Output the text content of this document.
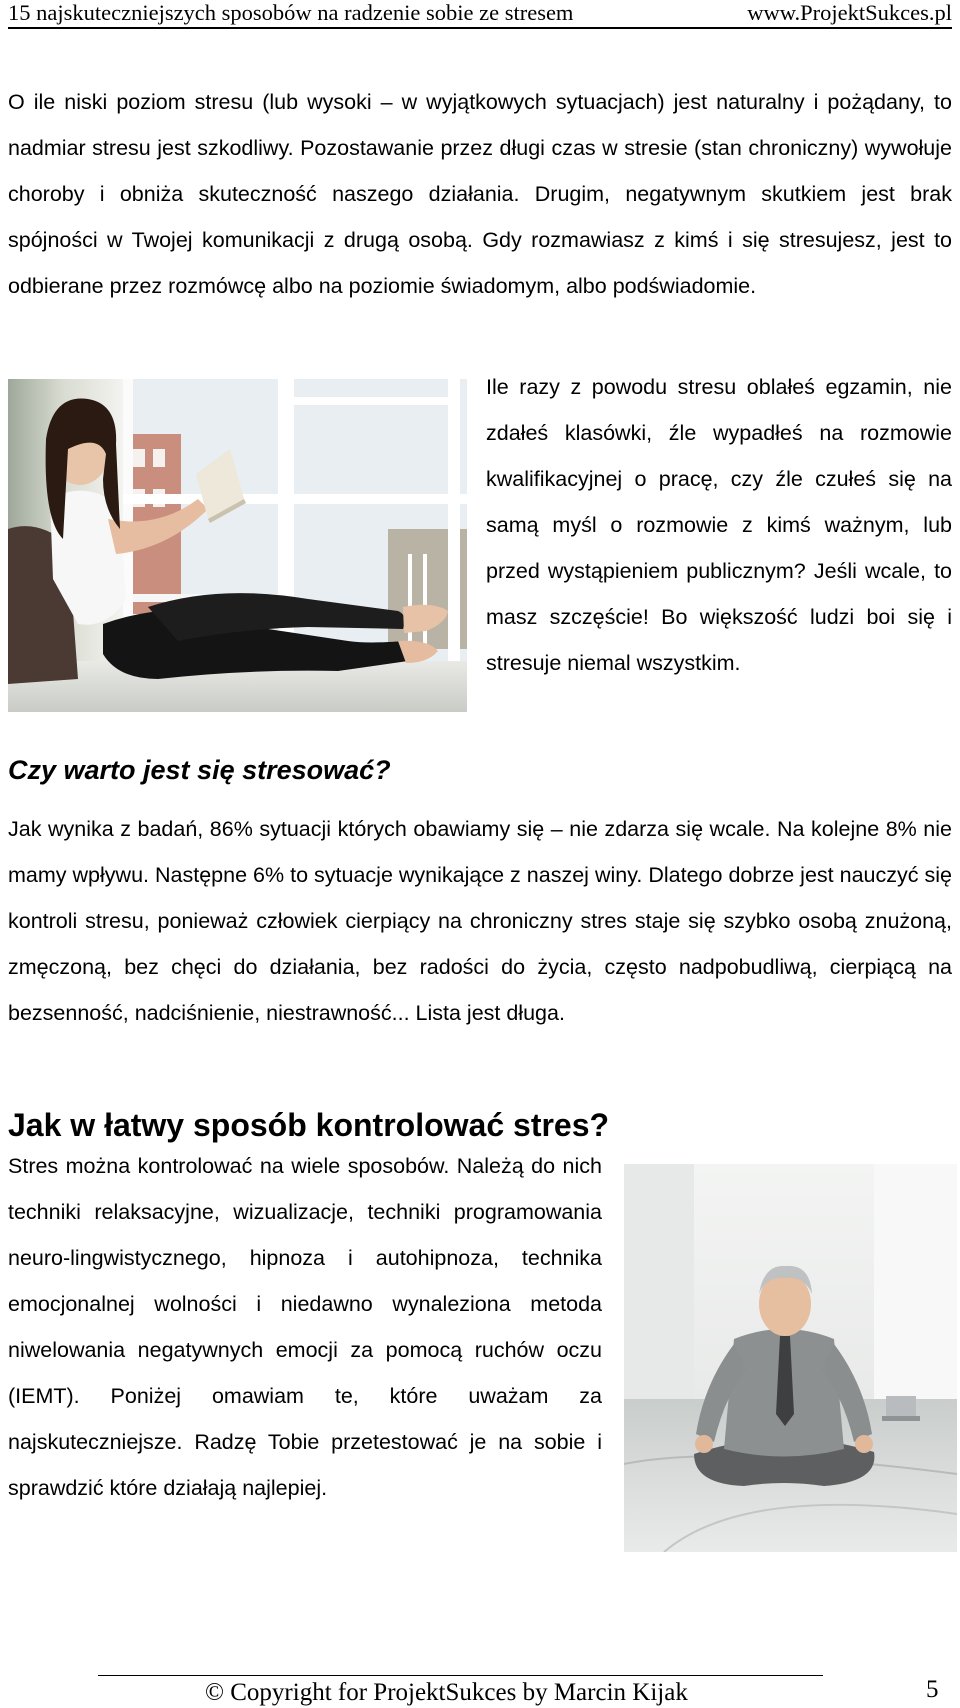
15 najskuteczniejszych sposobów na radzenie sobie ze stresem	www.ProjektSukces.pl

O ile niski poziom stresu (lub wysoki – w wyjątkowych sytuacjach) jest naturalny i pożądany, to nadmiar stresu jest szkodliwy. Pozostawanie przez długi czas w stresie (stan chroniczny) wywołuje choroby i obniża skuteczność naszego działania. Drugim, negatywnym skutkiem jest brak spójności w Twojej komunikacji z drugą osobą. Gdy rozmawiasz z kimś i się stresujesz, jest to odbierane przez rozmówcę albo na poziomie świadomym, albo podświadomie.

Ile razy z powodu stresu oblałeś egzamin, nie zdałeś klasówki, źle wypadłeś na rozmowie kwalifikacyjnej o pracę, czy źle czułeś się na samą myśl o rozmowie z kimś ważnym, lub przed wystąpieniem publicznym? Jeśli wcale, to masz szczęście! Bo większość ludzi boi się i stresuje niemal wszystkim.

Czy warto jest się stresować?

Jak wynika z badań, 86% sytuacji których obawiamy się – nie zdarza się wcale. Na kolejne 8% nie mamy wpływu. Następne 6% to sytuacje wynikające z naszej winy. Dlatego dobrze jest nauczyć się kontroli stresu, ponieważ człowiek cierpiący na chroniczny stres staje się szybko osobą znużoną, zmęczoną, bez chęci do działania, bez radości do życia, często nadpobudliwą, cierpiącą na bezsenność, nadciśnienie, niestrawność... Lista jest długa.

Jak w łatwy sposób kontrolować stres?

Stres można kontrolować na wiele sposobów. Należą do nich techniki relaksacyjne, wizualizacje, techniki programowania neuro-lingwistycznego, hipnoza i autohipnoza, technika emocjonalnej wolności i niedawno wynaleziona metoda niwelowania negatywnych emocji za pomocą ruchów oczu (IEMT). Poniżej omawiam te, które uważam za najskuteczniejsze. Radzę Tobie przetestować je na sobie i sprawdzić które działają najlepiej.

© Copyright for ProjektSukces by Marcin Kijak	5
